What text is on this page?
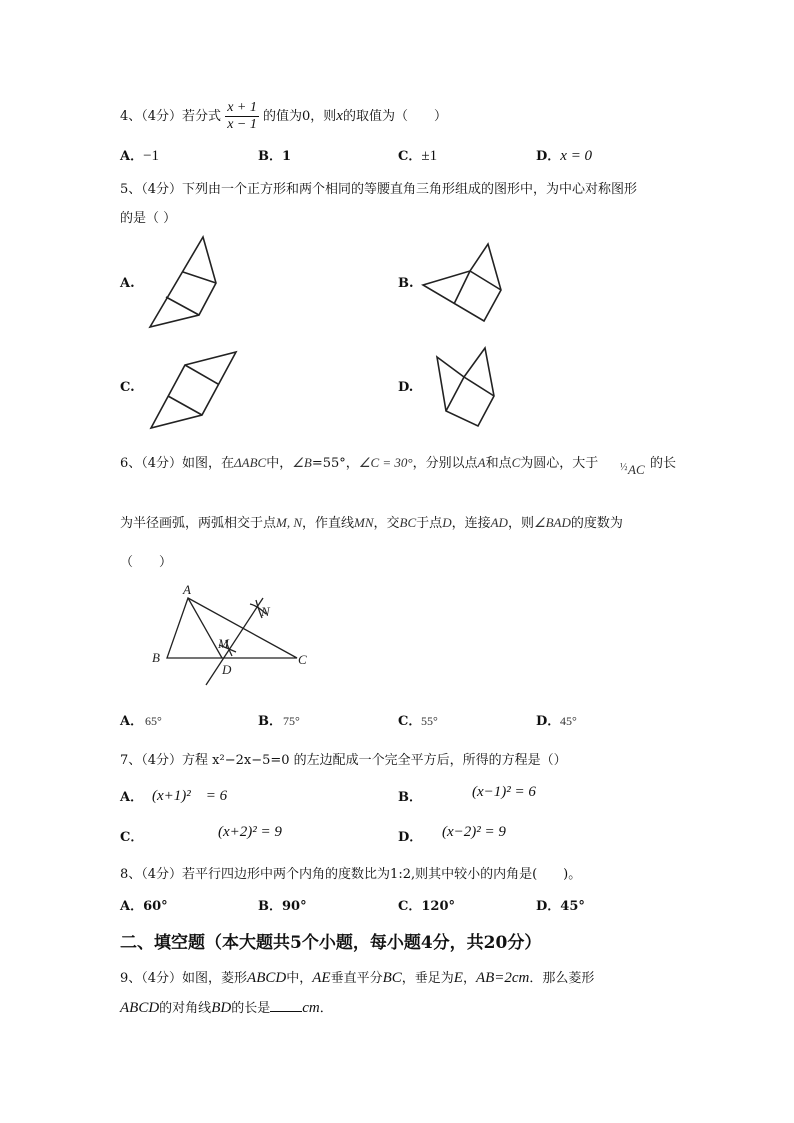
4、（4分）若分式 $\frac{x + 1}{x - 1}$ 的值为0，则x的取值为（　　）
A．−1	B．1	C．±1	D．x = 0
5、（4分）下列由一个正方形和两个相同的等腰直角三角形组成的图形中，为中心对称图形
的是（ ）
A.	B.
C.	D.
6、（4分）如图，在ΔABC中，∠B=55°，∠C = 30°，分别以点A和点C为圆心，大于 ½ AC 的长
为半径画弧，两弧相交于点M, N，作直线MN，交BC于点D，连接AD，则∠BAD的度数为
（　　）
A
B	C
D
M
N
A． 65°	B． 75°	C． 55°	D． 45°
7、（4分）方程 x²−2x−5=0 的左边配成一个完全平方后，所得的方程是（）
A． (x+1)²　= 6	B．	(x−1)² = 6
C．	(x+2)² = 9	D． (x−2)² = 9
8、（4分）若平行四边形中两个内角的度数比为1:2,则其中较小的内角是(　　)。
A．60°	B．90°	C．120°	D．45°
二、填空题（本大题共5个小题，每小题4分，共20分）
9、（4分）如图，菱形ABCD中，AE垂直平分BC，垂足为E，AB=2cm．那么菱形
ABCD的对角线BD的长是 cm．
